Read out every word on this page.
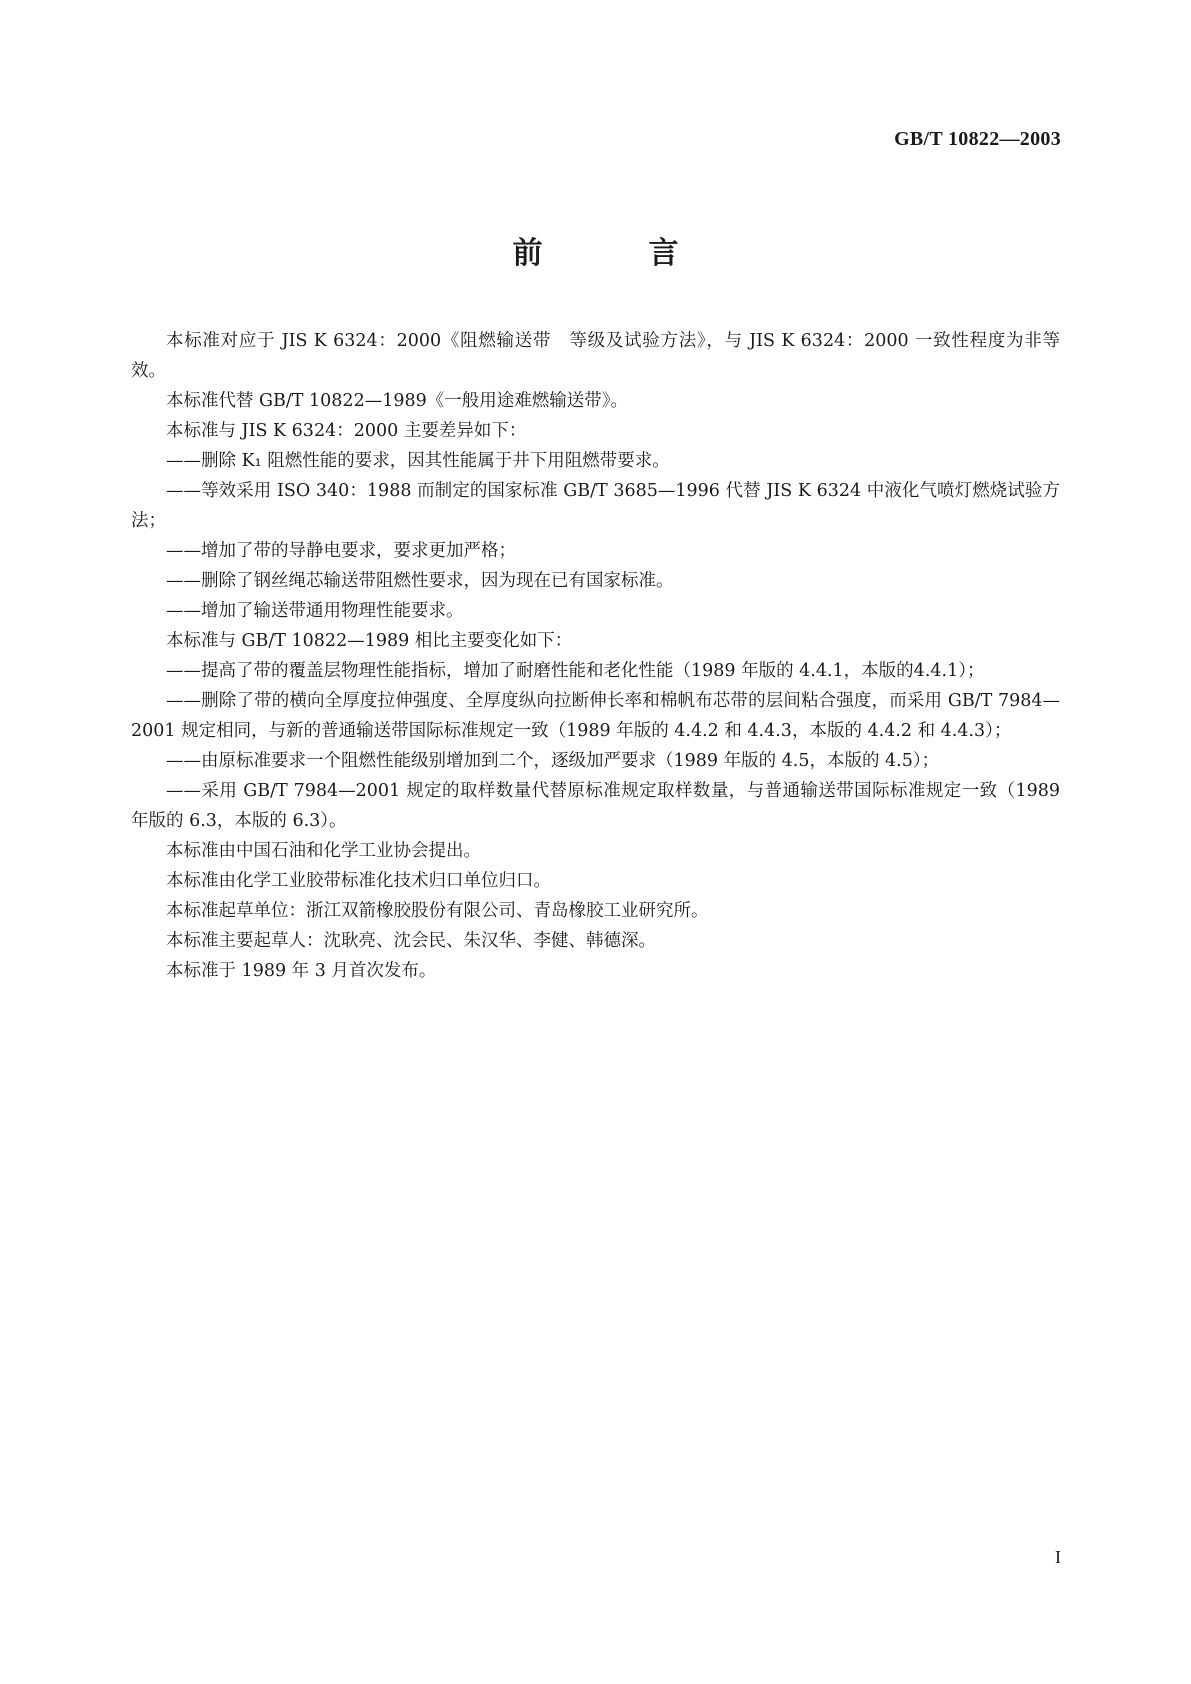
GB/T 10822—2003
前　言

本标准对应于 JIS K 6324：2000《阻燃输送带　等级及试验方法》，与 JIS K 6324：2000 一致性程度为非等效。

本标准代替 GB/T 10822—1989《一般用途难燃输送带》。

本标准与 JIS K 6324：2000 主要差异如下：

——删除 K₁ 阻燃性能的要求，因其性能属于井下用阻燃带要求。

——等效采用 ISO 340：1988 而制定的国家标准 GB/T 3685—1996 代替 JIS K 6324 中液化气喷灯燃烧试验方法；

——增加了带的导静电要求，要求更加严格；

——删除了钢丝绳芯输送带阻燃性要求，因为现在已有国家标准。

——增加了输送带通用物理性能要求。

本标准与 GB/T 10822—1989 相比主要变化如下：

——提高了带的覆盖层物理性能指标，增加了耐磨性能和老化性能（1989 年版的 4.4.1，本版的4.4.1）；

——删除了带的横向全厚度拉伸强度、全厚度纵向拉断伸长率和棉帆布芯带的层间粘合强度，而采用 GB/T 7984—2001 规定相同，与新的普通输送带国际标准规定一致（1989 年版的 4.4.2 和 4.4.3，本版的 4.4.2 和 4.4.3）；

——由原标准要求一个阻燃性能级别增加到二个，逐级加严要求（1989 年版的 4.5，本版的 4.5）；

——采用 GB/T 7984—2001 规定的取样数量代替原标准规定取样数量，与普通输送带国际标准规定一致（1989 年版的 6.3，本版的 6.3）。

本标准由中国石油和化学工业协会提出。

本标准由化学工业胶带标准化技术归口单位归口。

本标准起草单位：浙江双箭橡胶股份有限公司、青岛橡胶工业研究所。

本标准主要起草人：沈耿亮、沈会民、朱汉华、李健、韩德深。

本标准于 1989 年 3 月首次发布。

I
